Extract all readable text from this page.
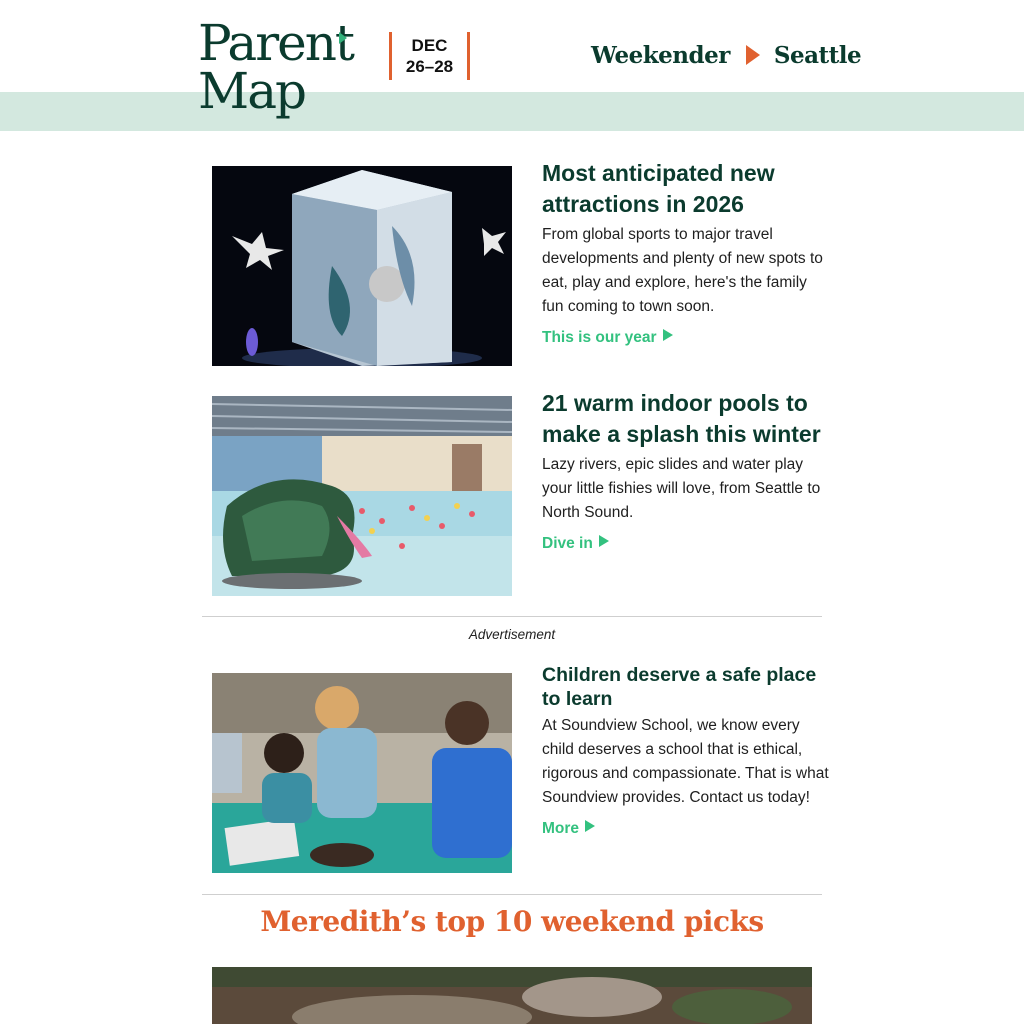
Parent
Map
DEC
26–28	Weekender Seattle
Most anticipated new attractions in 2026

From global sports to major travel developments and plenty of new spots to eat, play and explore, here's the family fun coming to town soon.

This is our year
21 warm indoor pools to make a splash this winter

Lazy rivers, epic slides and water play your little fishies will love, from Seattle to North Sound.

Dive in
Advertisement
Children deserve a safe place to learn

At Soundview School, we know every child deserves a school that is ethical, rigorous and compassionate. That is what Soundview provides. Contact us today!

More
Meredith’s top 10 weekend picks
